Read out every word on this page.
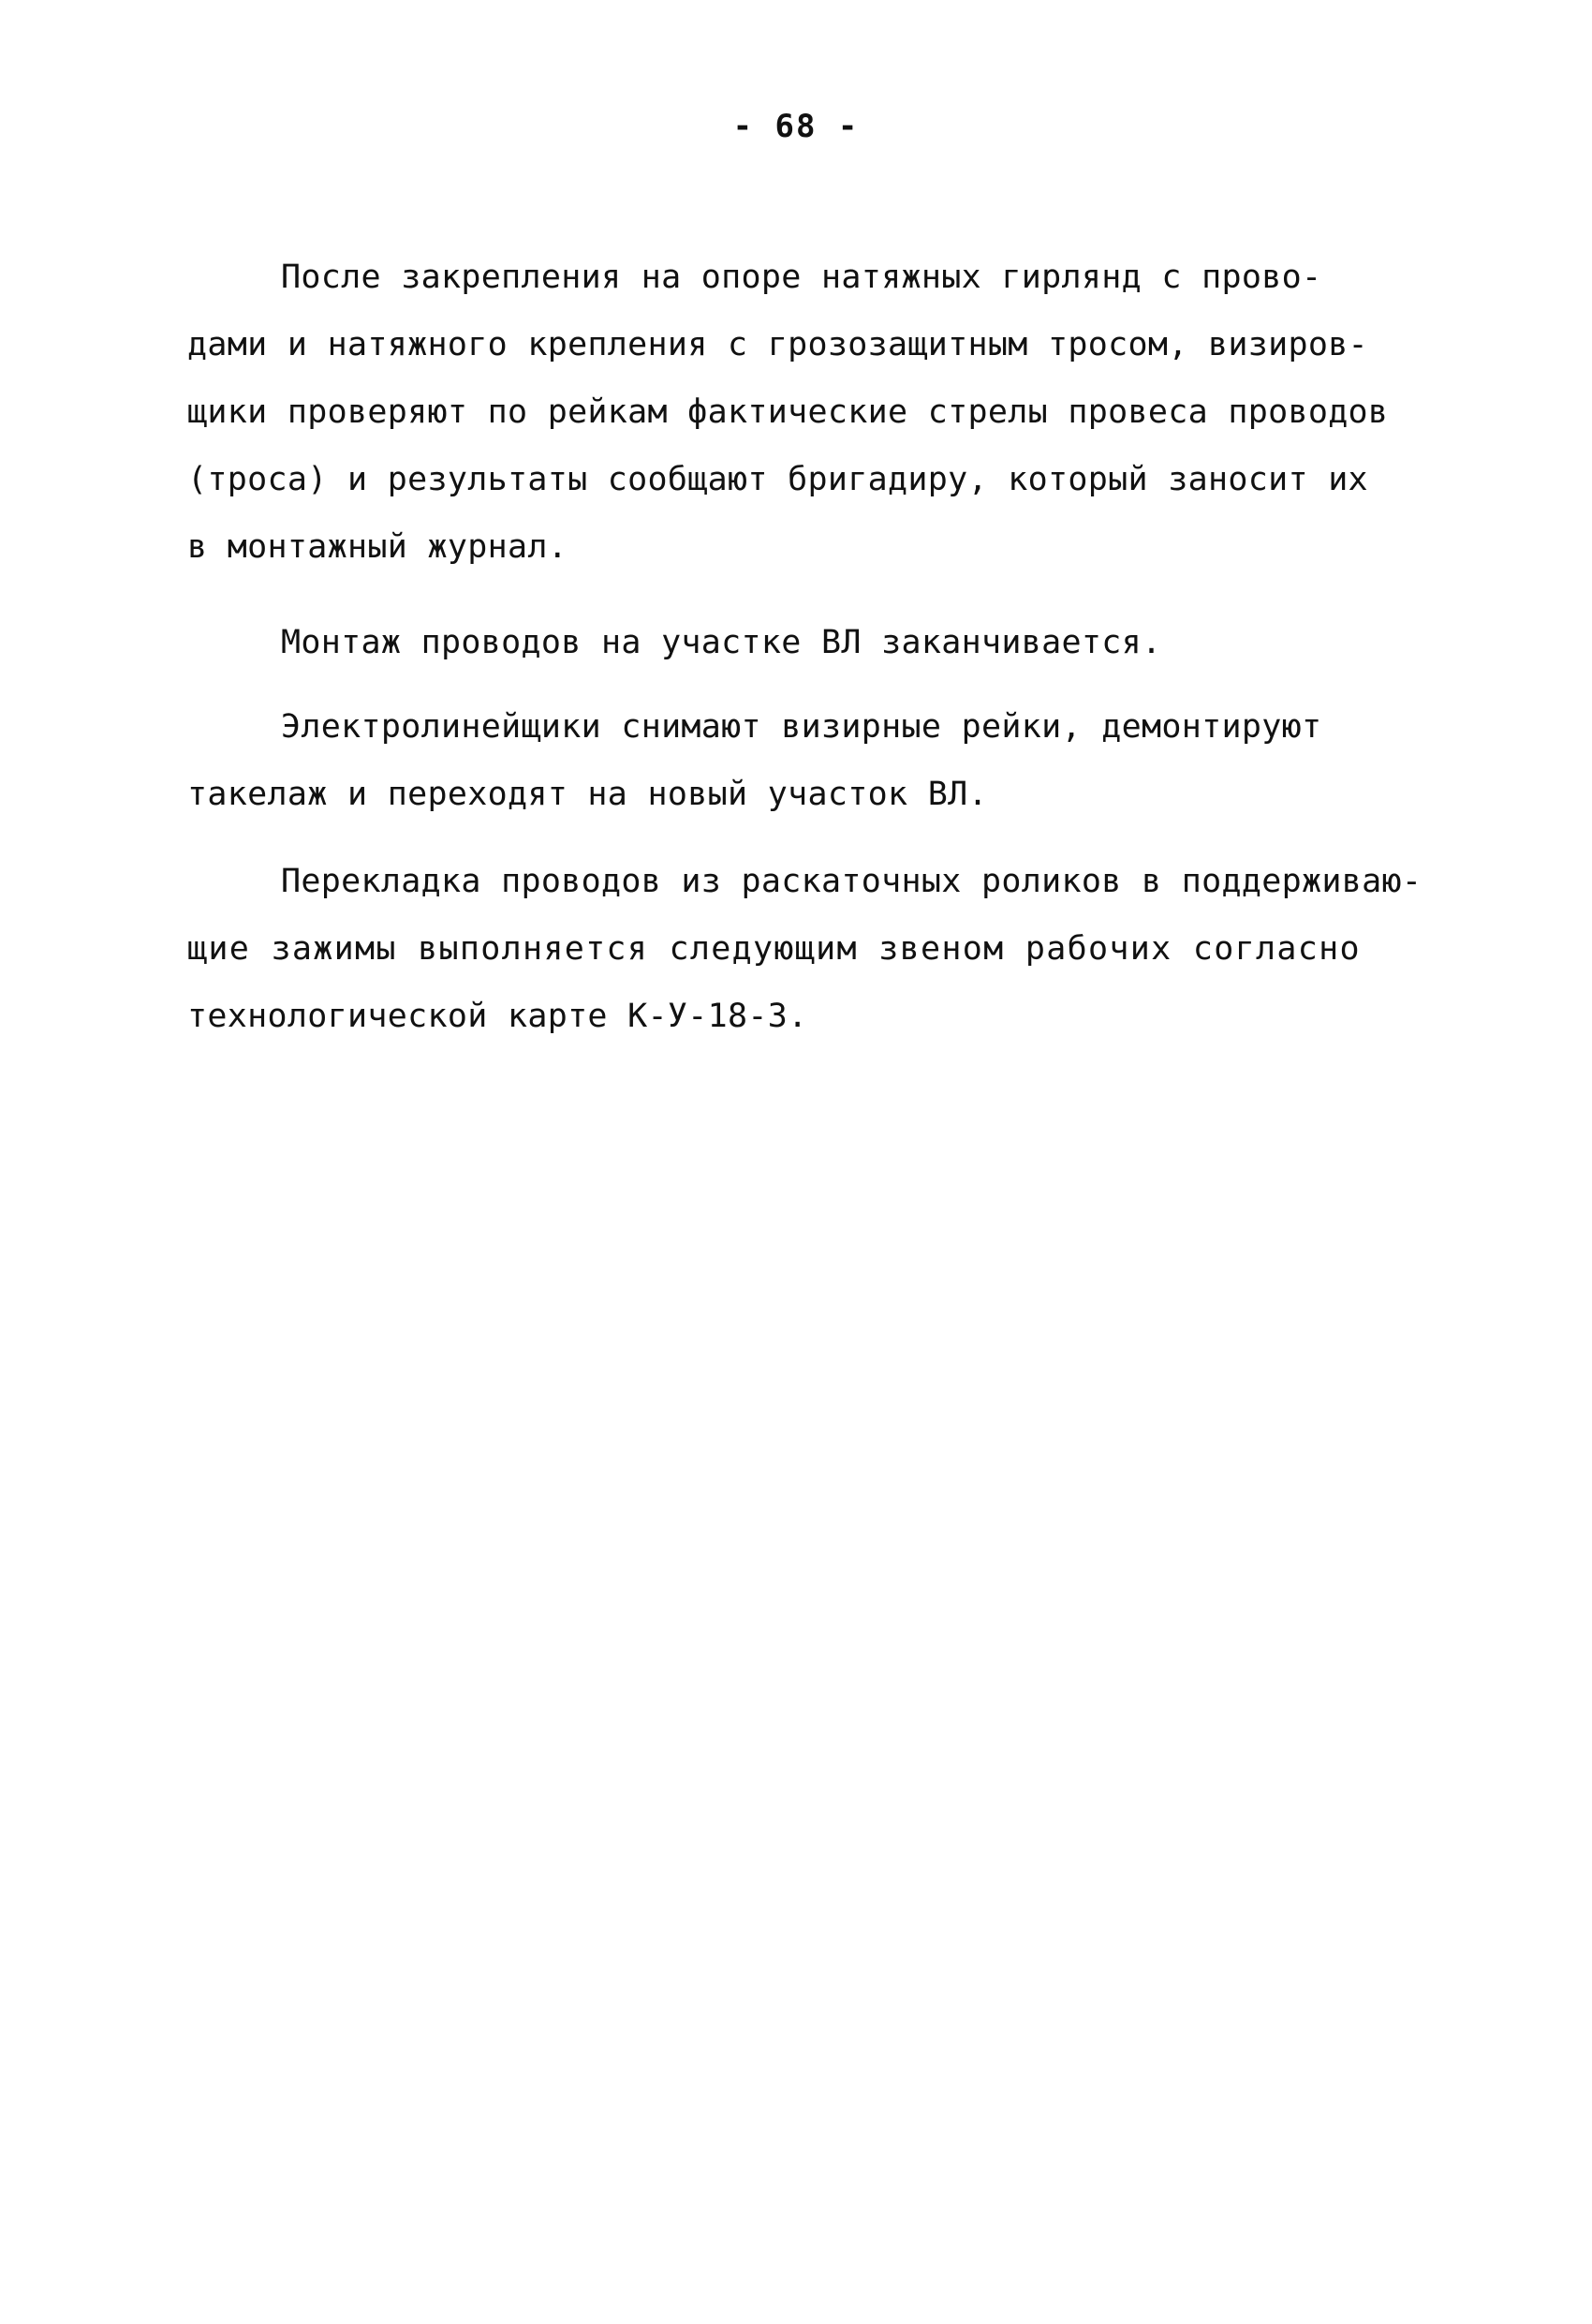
- 68 -

После закрепления на опоре натяжных гирлянд с прово-
дами и натяжного крепления с грозозащитным тросом, визиров-
щики проверяют по рейкам фактические стрелы провеса проводов
(троса) и результаты сообщают бригадиру, который заносит их
в монтажный журнал.

Монтаж проводов на участке ВЛ заканчивается.

Электролинейщики снимают визирные рейки, демонтируют
такелаж и переходят на новый участок ВЛ.

Перекладка проводов из раскаточных роликов в поддерживаю-
щие зажимы выполняется следующим звеном рабочих согласно
технологической карте К-У-18-3.
